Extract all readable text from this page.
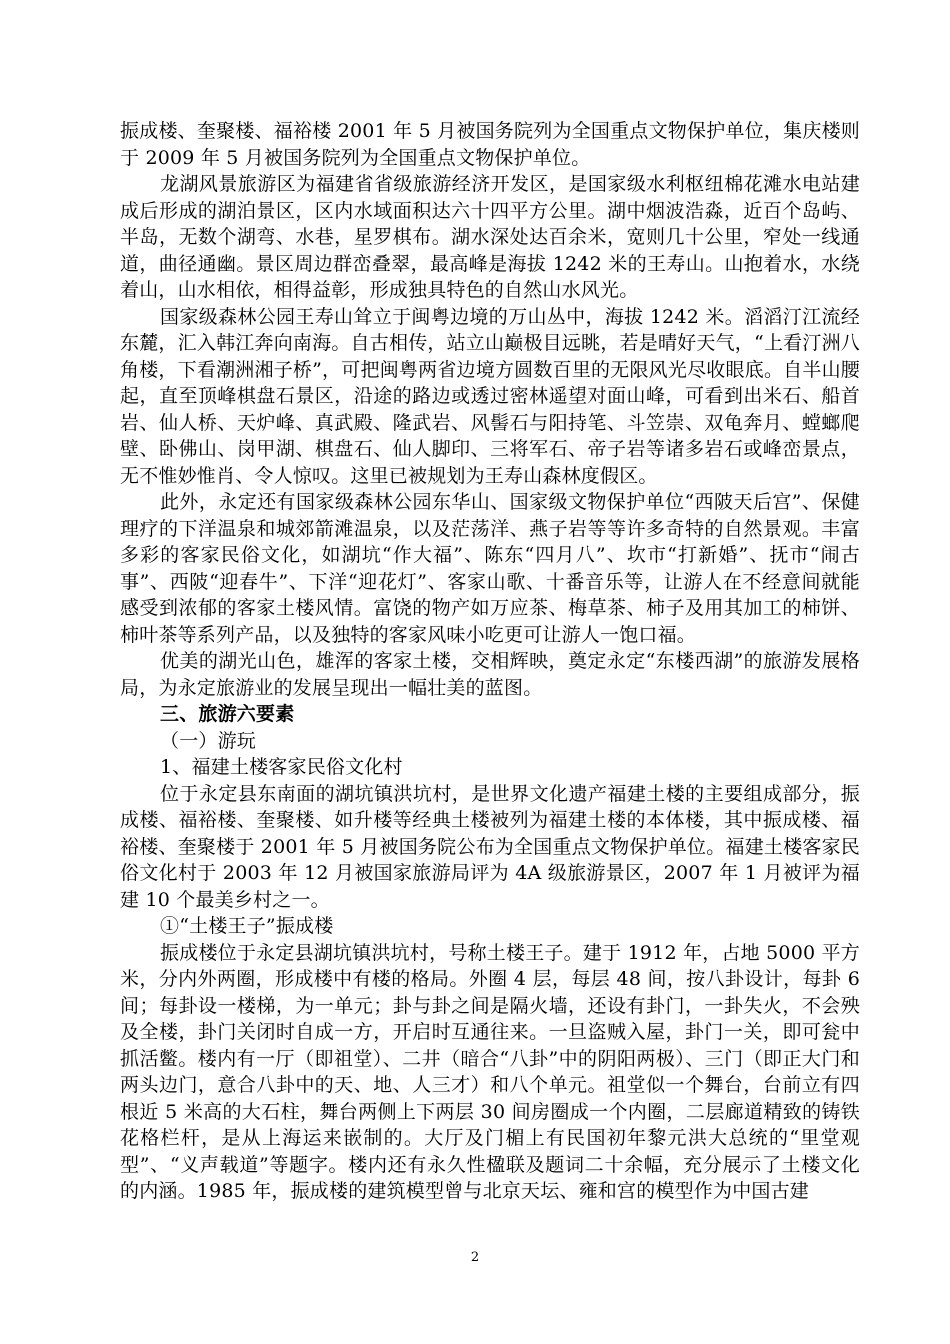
振成楼、奎聚楼、福裕楼 2001 年 5 月被国务院列为全国重点文物保护单位，集庆楼则于 2009 年 5 月被国务院列为全国重点文物保护单位。

龙湖风景旅游区为福建省省级旅游经济开发区，是国家级水利枢纽棉花滩水电站建成后形成的湖泊景区，区内水域面积达六十四平方公里。湖中烟波浩淼，近百个岛屿、半岛，无数个湖弯、水巷，星罗棋布。湖水深处达百余米，宽则几十公里，窄处一线通道，曲径通幽。景区周边群峦叠翠，最高峰是海拔 1242 米的王寿山。山抱着水，水绕着山，山水相依，相得益彰，形成独具特色的自然山水风光。

国家级森林公园王寿山耸立于闽粤边境的万山丛中，海拔 1242 米。滔滔汀江流经东麓，汇入韩江奔向南海。自古相传，站立山巅极目远眺，若是晴好天气，“上看汀洲八角楼，下看潮洲湘子桥”，可把闽粤两省边境方圆数百里的无限风光尽收眼底。自半山腰起，直至顶峰棋盘石景区，沿途的路边或透过密林遥望对面山峰，可看到出米石、船首岩、仙人桥、天炉峰、真武殿、隆武岩、风髻石与阳持笔、斗笠崇、双龟奔月、螳螂爬壁、卧佛山、岗甲湖、棋盘石、仙人脚印、三将军石、帝子岩等诸多岩石或峰峦景点，无不惟妙惟肖、令人惊叹。这里已被规划为王寿山森林度假区。

此外，永定还有国家级森林公园东华山、国家级文物保护单位“西陂天后宫”、保健理疗的下洋温泉和城郊箭滩温泉，以及茫荡洋、燕子岩等等许多奇特的自然景观。丰富多彩的客家民俗文化，如湖坑“作大福”、陈东“四月八”、坎市“打新婚”、抚市“闹古事”、西陂“迎春牛”、下洋“迎花灯”、客家山歌、十番音乐等，让游人在不经意间就能感受到浓郁的客家土楼风情。富饶的物产如万应茶、梅草茶、柿子及用其加工的柿饼、柿叶茶等系列产品，以及独特的客家风味小吃更可让游人一饱口福。

优美的湖光山色，雄浑的客家土楼，交相辉映，奠定永定“东楼西湖”的旅游发展格局，为永定旅游业的发展呈现出一幅壮美的蓝图。

三、旅游六要素

（一）游玩

1、福建土楼客家民俗文化村

位于永定县东南面的湖坑镇洪坑村，是世界文化遗产福建土楼的主要组成部分，振成楼、福裕楼、奎聚楼、如升楼等经典土楼被列为福建土楼的本体楼，其中振成楼、福裕楼、奎聚楼于 2001 年 5 月被国务院公布为全国重点文物保护单位。福建土楼客家民俗文化村于 2003 年 12 月被国家旅游局评为 4A 级旅游景区，2007 年 1 月被评为福建 10 个最美乡村之一。

①“土楼王子”振成楼

振成楼位于永定县湖坑镇洪坑村，号称土楼王子。建于 1912 年，占地 5000 平方米，分内外两圈，形成楼中有楼的格局。外圈 4 层，每层 48 间，按八卦设计，每卦 6 间；每卦设一楼梯，为一单元；卦与卦之间是隔火墙，还设有卦门，一卦失火，不会殃及全楼，卦门关闭时自成一方，开启时互通往来。一旦盗贼入屋，卦门一关，即可瓮中抓活鳖。楼内有一厅（即祖堂）、二井（暗合“八卦”中的阴阳两极）、三门（即正大门和两头边门，意合八卦中的天、地、人三才）和八个单元。祖堂似一个舞台，台前立有四根近 5 米高的大石柱，舞台两侧上下两层 30 间房圈成一个内圈，二层廊道精致的铸铁花格栏杆，是从上海运来嵌制的。大厅及门楣上有民国初年黎元洪大总统的“里堂观型”、“义声载道”等题字。楼内还有永久性楹联及题词二十余幅，充分展示了土楼文化的内涵。1985 年，振成楼的建筑模型曾与北京天坛、雍和宫的模型作为中国古建

2
